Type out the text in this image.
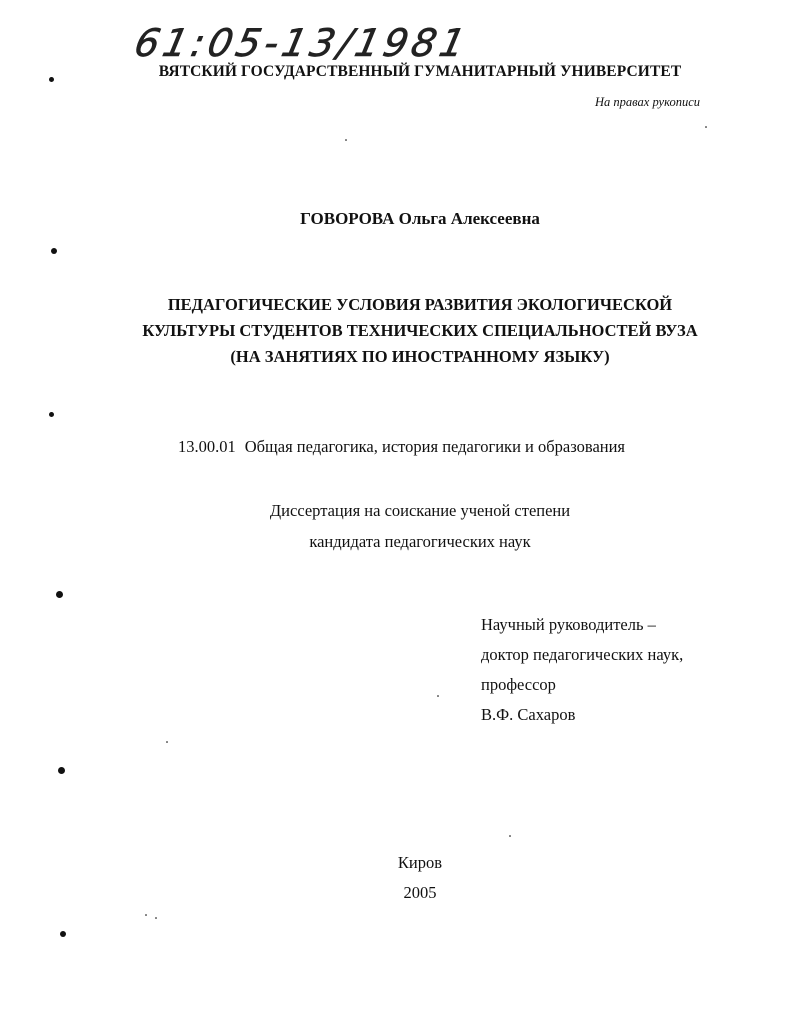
61:05-13/1981
ВЯТСКИЙ ГОСУДАРСТВЕННЫЙ ГУМАНИТАРНЫЙ УНИВЕРСИТЕТ
На правах рукописи
ГОВОРОВА Ольга Алексеевна
ПЕДАГОГИЧЕСКИЕ УСЛОВИЯ РАЗВИТИЯ ЭКОЛОГИЧЕСКОЙ
КУЛЬТУРЫ СТУДЕНТОВ ТЕХНИЧЕСКИХ СПЕЦИАЛЬНОСТЕЙ ВУЗА
(НА ЗАНЯТИЯХ ПО ИНОСТРАННОМУ ЯЗЫКУ)
13.00.01 Общая педагогика, история педагогики и образования
Диссертация на соискание ученой степени
кандидата педагогических наук
Научный руководитель –
доктор педагогических наук,
профессор
В.Ф. Сахаров
Киров
2005
